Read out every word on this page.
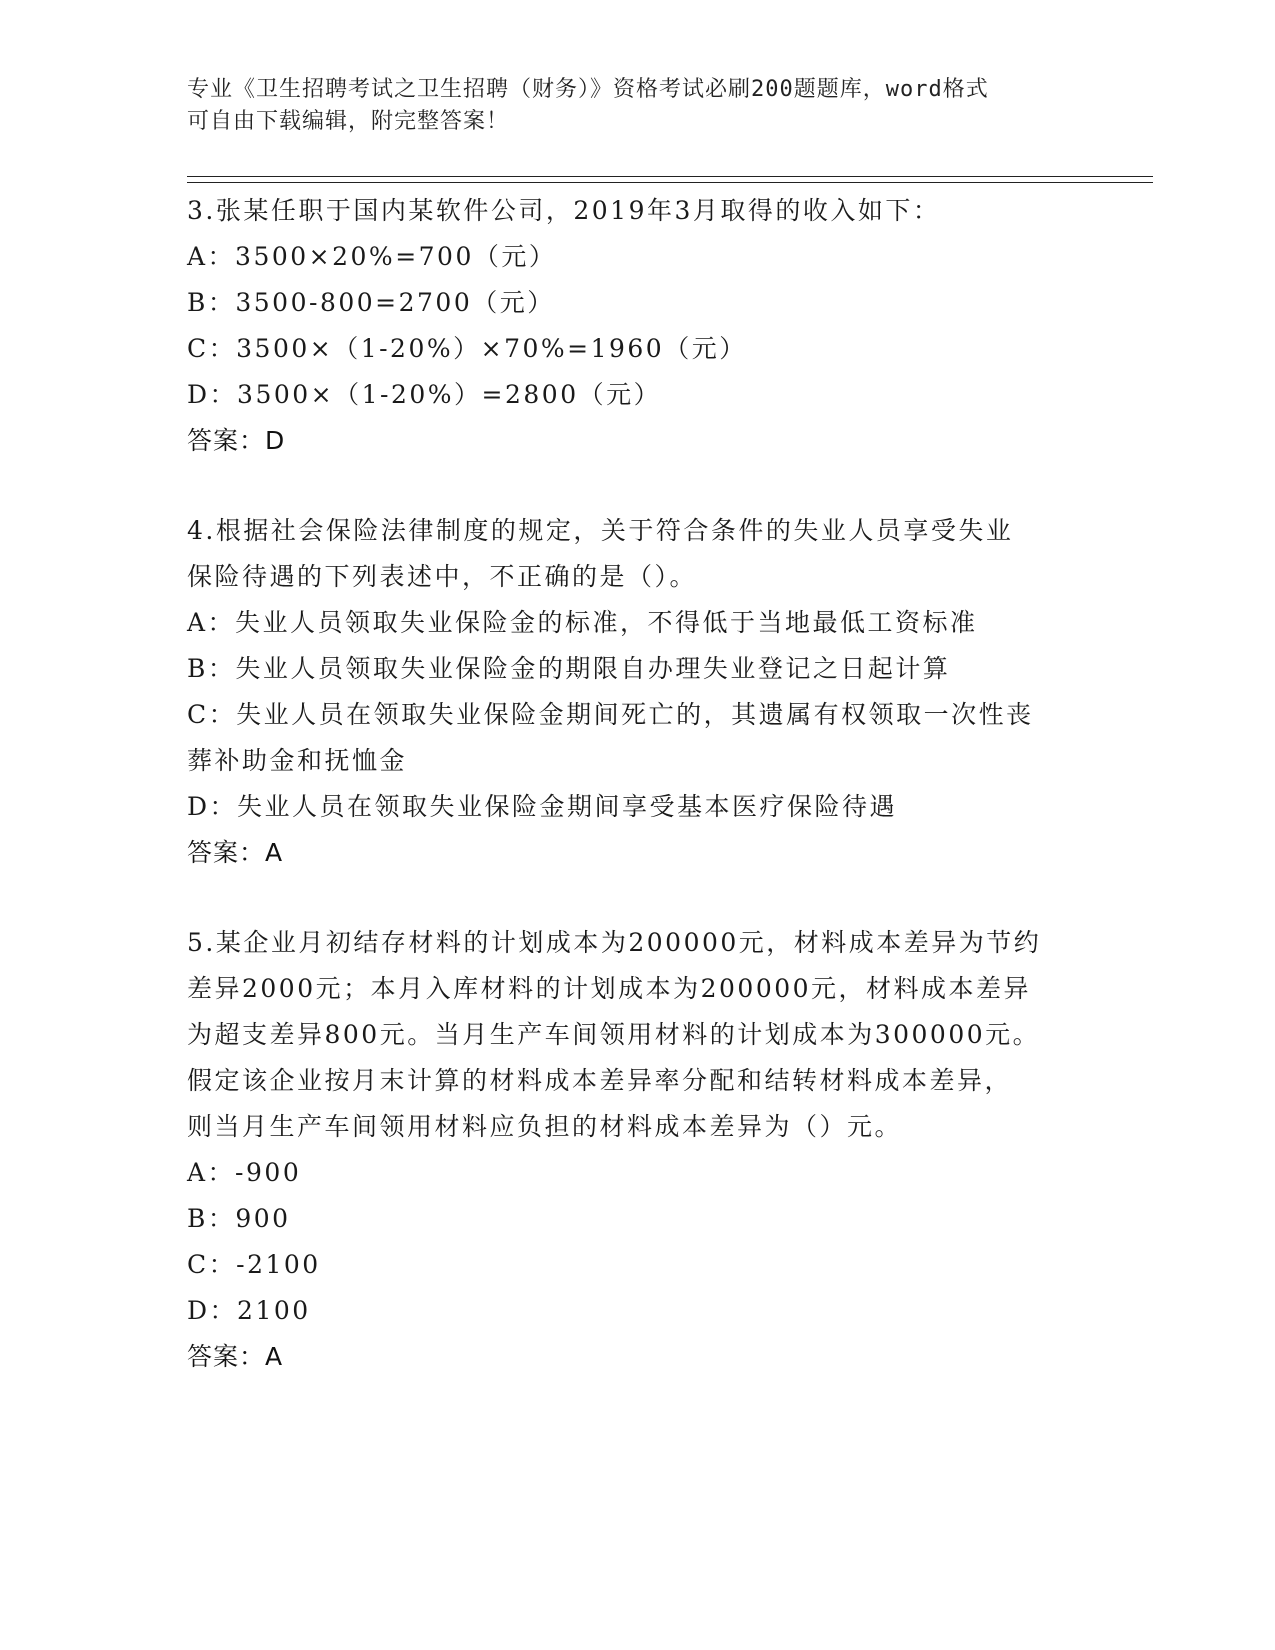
专业《卫生招聘考试之卫生招聘（财务）》资格考试必刷200题题库，word格式
可自由下载编辑，附完整答案！
3.张某任职于国内某软件公司，2019年3月取得的收入如下：
A：3500×20%=700（元）
B：3500-800=2700（元）
C：3500×（1-20%）×70%=1960（元）
D：3500×（1-20%）=2800（元）
答案：D
4.根据社会保险法律制度的规定，关于符合条件的失业人员享受失业
保险待遇的下列表述中，不正确的是（）。
A：失业人员领取失业保险金的标准，不得低于当地最低工资标准
B：失业人员领取失业保险金的期限自办理失业登记之日起计算
C：失业人员在领取失业保险金期间死亡的，其遗属有权领取一次性丧
葬补助金和抚恤金
D：失业人员在领取失业保险金期间享受基本医疗保险待遇
答案：A
5.某企业月初结存材料的计划成本为200000元，材料成本差异为节约
差异2000元；本月入库材料的计划成本为200000元，材料成本差异
为超支差异800元。当月生产车间领用材料的计划成本为300000元。
假定该企业按月末计算的材料成本差异率分配和结转材料成本差异，
则当月生产车间领用材料应负担的材料成本差异为（）元。
A：-900
B：900
C：-2100
D：2100
答案：A
